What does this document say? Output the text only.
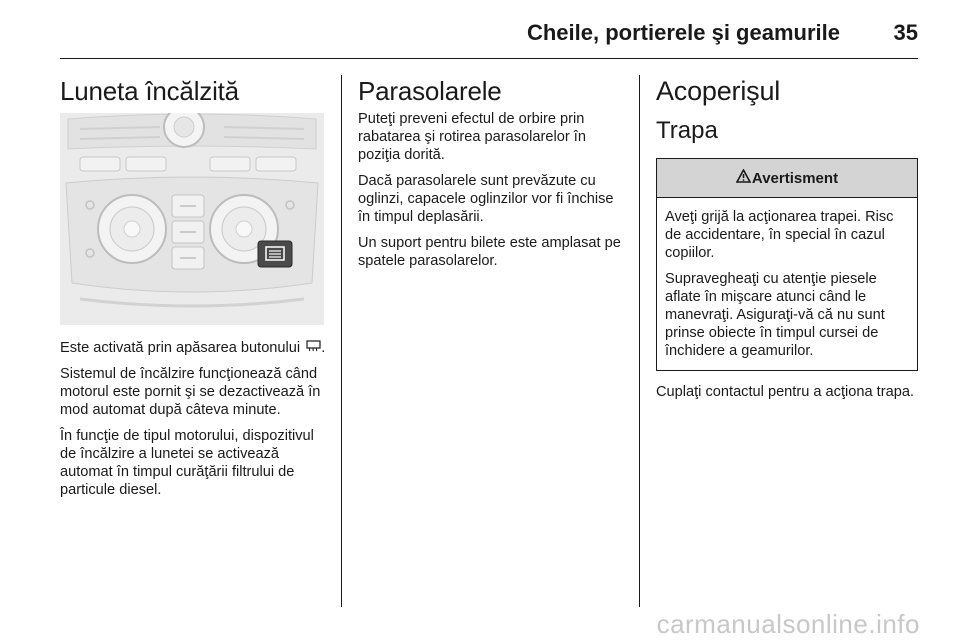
Cheile, portierele şi geamurile 35
Luneta încălzită

Este activată prin apăsarea butonului .

Sistemul de încălzire funcţionează când motorul este pornit şi se dezactivează în mod automat după câteva minute.

În funcţie de tipul motorului, dispozitivul de încălzire a lunetei se activează automat în timpul curăţării filtrului de particule diesel.

Parasolarele

Puteţi preveni efectul de orbire prin rabatarea şi rotirea parasolarelor în poziţia dorită.

Dacă parasolarele sunt prevăzute cu oglinzi, capacele oglinzilor vor fi închise în timpul deplasării.

Un suport pentru bilete este amplasat pe spatele parasolarelor.

Acoperişul
Trapa
Avertisment

Aveţi grijă la acţionarea trapei. Risc de accidentare, în special în cazul copiilor.

Supravegheaţi cu atenţie piesele aflate în mişcare atunci când le manevraţi. Asiguraţi-vă că nu sunt prinse obiecte în timpul cursei de închidere a geamurilor.

Cuplaţi contactul pentru a acţiona trapa.

carmanualsonline.info
